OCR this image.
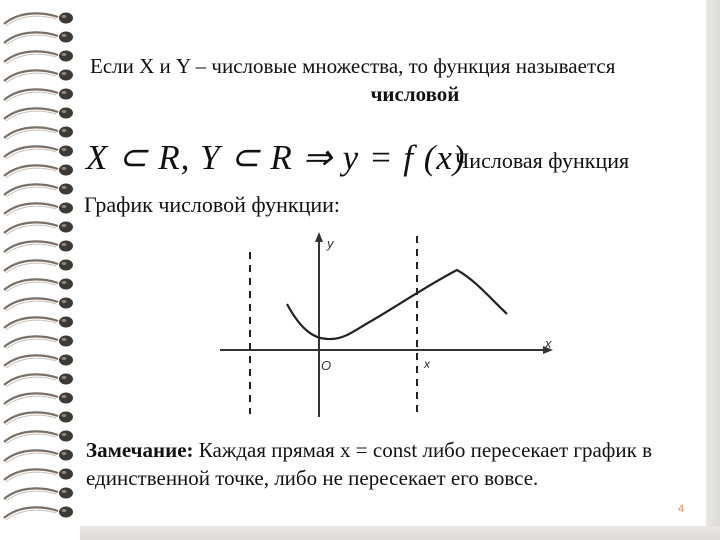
Если X и Y – числовые множества, то функция называется
числовой
X ⊂ R, Y ⊂ R ⇒ y = f (x)
Числовая функция
График числовой функции:
y
x
O	x
Замечание: Каждая прямая x = const либо пересекает график в единственной точке, либо не пересекает его вовсе.
4
